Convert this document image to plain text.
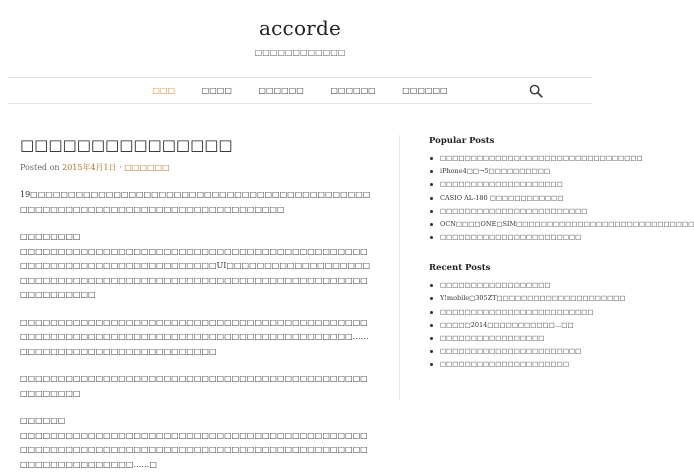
accorde
□□□□□□□□□□□□
□□□	□□□□	□□□□□□	□□□□□□	□□□□□□
□□□□□□□□□□□□□□□
Posted on 2015年4月1日 · □□□□□□

19□□□□□□□□□□□□□□□□□□□□□□□□□□□□□□□□□□□□□□□□□□□□□□□□□□□□□□□□□□□□□□□□□□□□□□□□□□□□□□□□

□□□□□□□□
□□□□□□□□□□□□□□□□□□□□□□□□□□□□□□□□□□□□□□□□□□□□□□□□□□□□□□□□□□□□□□□□□□□□□□□□UI□□□□□□□□□□□□□□□□□□□□□□□□□□□□□□□□□□□□□□□□□□□□□□□□□□□□□□□□□□□□□□□□□□□□□□□□□□□

□□□□□□□□□□□□□□□□□□□□□□□□□□□□□□□□□□□□□□□□□□□□□□□□□□□□□□□□□□□□□□□□□□□□□□□□□□□□□□□□□□□□□□□□□□……□□□□□□□□□□□□□□□□□□□□□□□□□□

□□□□□□□□□□□□□□□□□□□□□□□□□□□□□□□□□□□□□□□□□□□□□□□□□□□□□□

□□□□□□
□□□□□□□□□□□□□□□□□□□□□□□□□□□□□□□□□□□□□□□□□□□□□□□□□□□□□□□□□□□□□□□□□□□□□□□□□□□□□□□□□□□□□□□□□□□□□□□□□□□□□□□□□□□……□

Popular Posts
□□□□□□□□□□□□□□□□□□□□□□□□□□□□□□□□□
iPhone4□□→5□□□□□□□□□□
□□□□□□□□□□□□□□□□□□□□
CASIO AL-180 □□□□□□□□□□□□
□□□□□□□□□□□□□□□□□□□□□□□□
OCN□□□□ONE□SIM□□□□□□□□□□□□□□□□□□□□□□□□□□□□□
□□□□□□□□□□□□□□□□□□□□□□□
Recent Posts
□□□□□□□□□□□□□□□□□□
Y!mobile□305ZT□□□□□□□□□□□□□□□□□□□□□
□□□□□□□□□□□□□□□□□□□□□□□□□
□□□□□2014□□□□□□□□□□□…□□
□□□□□□□□□□□□□□□□□
□□□□□□□□□□□□□□□□□□□□□□□
□□□□□□□□□□□□□□□□□□□□□
